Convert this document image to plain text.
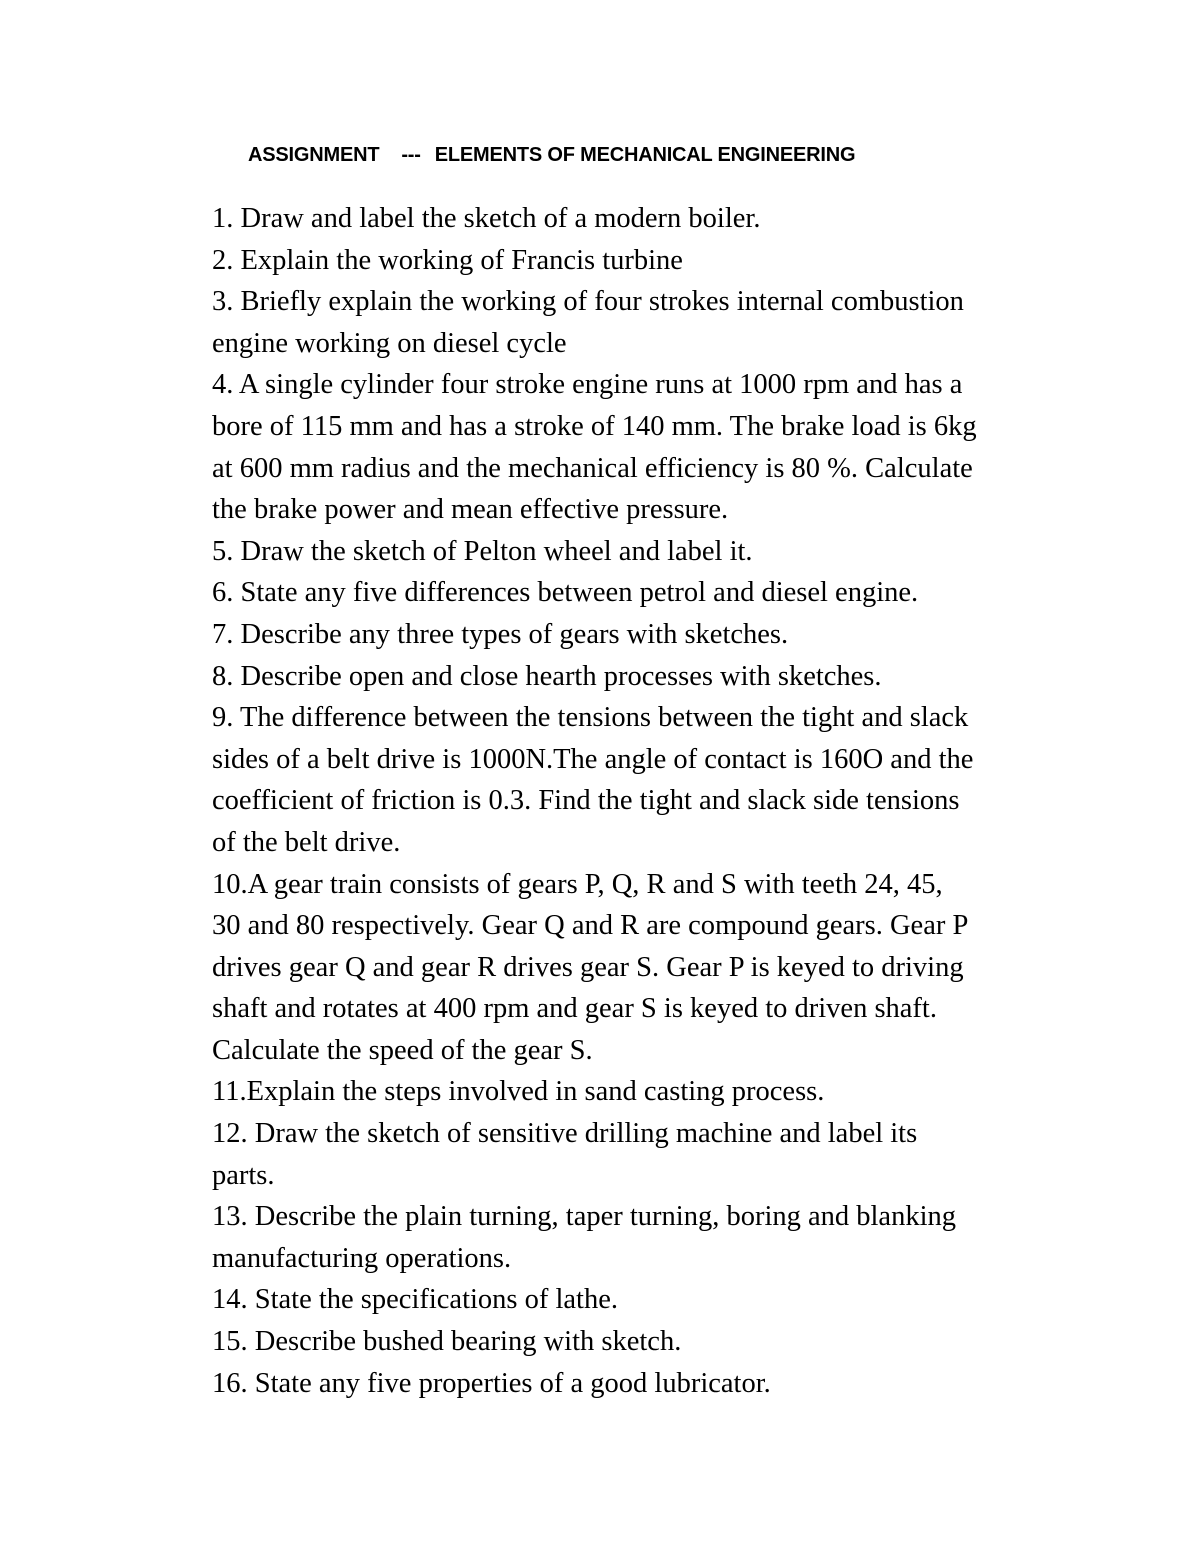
ASSIGNMENT --- ELEMENTS OF MECHANICAL ENGINEERING
1. Draw and label the sketch of a modern boiler.
2. Explain the working of Francis turbine
3. Briefly explain the working of four strokes internal combustion
engine working on diesel cycle
4. A single cylinder four stroke engine runs at 1000 rpm and has a
bore of 115 mm and has a stroke of 140 mm. The brake load is 6kg
at 600 mm radius and the mechanical efficiency is 80 %. Calculate
the brake power and mean effective pressure.
5. Draw the sketch of Pelton wheel and label it.
6. State any five differences between petrol and diesel engine.
7. Describe any three types of gears with sketches.
8. Describe open and close hearth processes with sketches.
9. The difference between the tensions between the tight and slack
sides of a belt drive is 1000N.The angle of contact is 160O and the
coefficient of friction is 0.3. Find the tight and slack side tensions
of the belt drive.
10.A gear train consists of gears P, Q, R and S with teeth 24, 45,
30 and 80 respectively. Gear Q and R are compound gears. Gear P
drives gear Q and gear R drives gear S. Gear P is keyed to driving
shaft and rotates at 400 rpm and gear S is keyed to driven shaft.
Calculate the speed of the gear S.
11.Explain the steps involved in sand casting process.
12. Draw the sketch of sensitive drilling machine and label its
parts.
13. Describe the plain turning, taper turning, boring and blanking
manufacturing operations.
14. State the specifications of lathe.
15. Describe bushed bearing with sketch.
16. State any five properties of a good lubricator.
